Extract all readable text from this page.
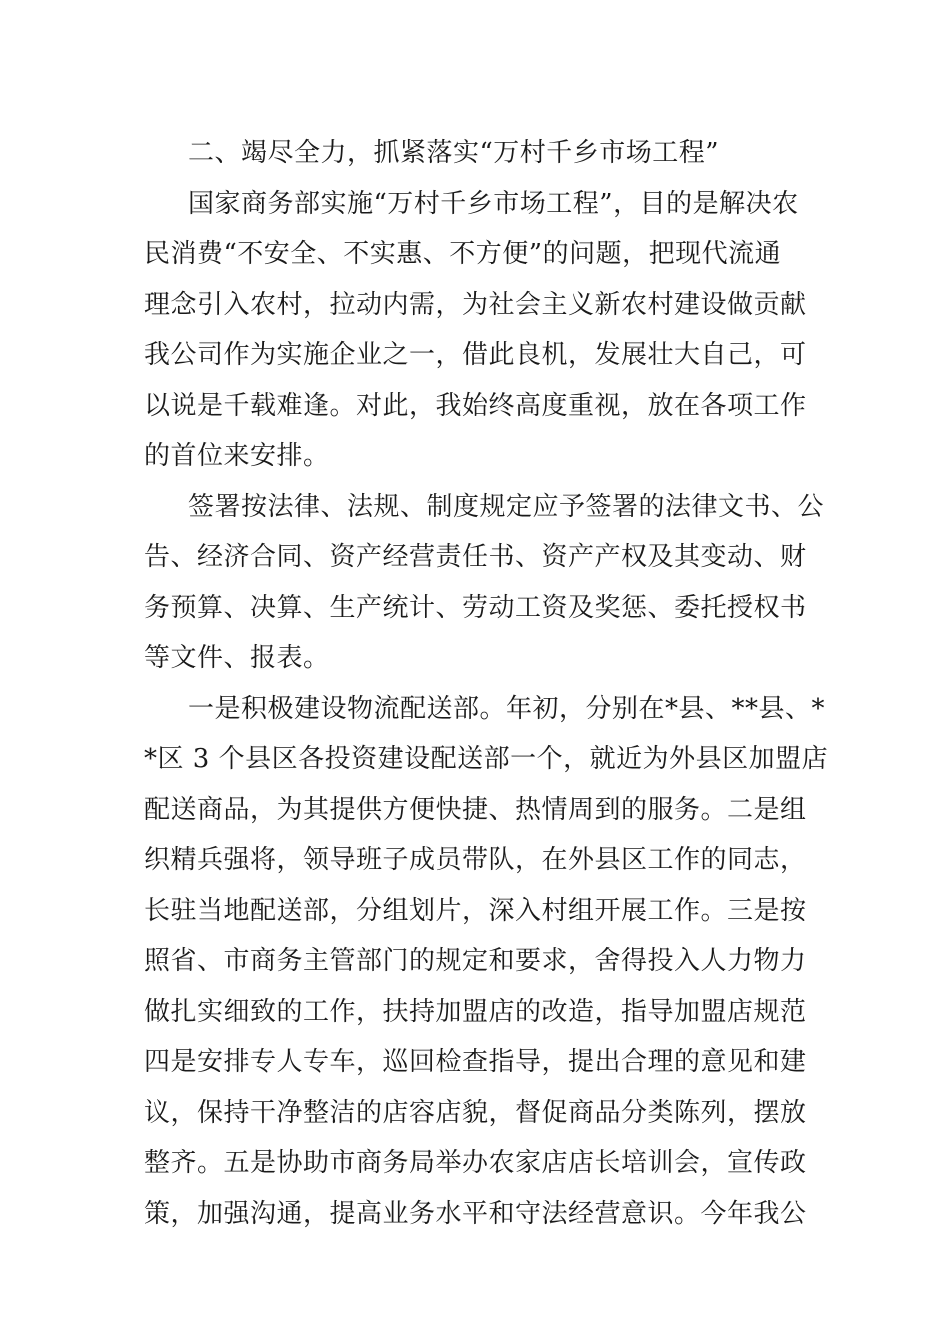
二、竭尽全力，抓紧落实“万村千乡市场工程”

国家商务部实施“万村千乡市场工程”，目的是解决农
民消费“不安全、不实惠、不方便”的问题，把现代流通
理念引入农村，拉动内需，为社会主义新农村建设做贡献
我公司作为实施企业之一，借此良机，发展壮大自己，可
以说是千载难逢。对此，我始终高度重视，放在各项工作
的首位来安排。

签署按法律、法规、制度规定应予签署的法律文书、公
告、经济合同、资产经营责任书、资产产权及其变动、财
务预算、决算、生产统计、劳动工资及奖惩、委托授权书
等文件、报表。

一是积极建设物流配送部。年初，分别在*县、**县、*
*区 3 个县区各投资建设配送部一个，就近为外县区加盟店
配送商品，为其提供方便快捷、热情周到的服务。二是组
织精兵强将，领导班子成员带队，在外县区工作的同志，
长驻当地配送部，分组划片，深入村组开展工作。三是按
照省、市商务主管部门的规定和要求，舍得投入人力物力
做扎实细致的工作，扶持加盟店的改造，指导加盟店规范
四是安排专人专车，巡回检查指导，提出合理的意见和建
议，保持干净整洁的店容店貌，督促商品分类陈列，摆放
整齐。五是协助市商务局举办农家店店长培训会，宣传政
策，加强沟通，提高业务水平和守法经营意识。今年我公
